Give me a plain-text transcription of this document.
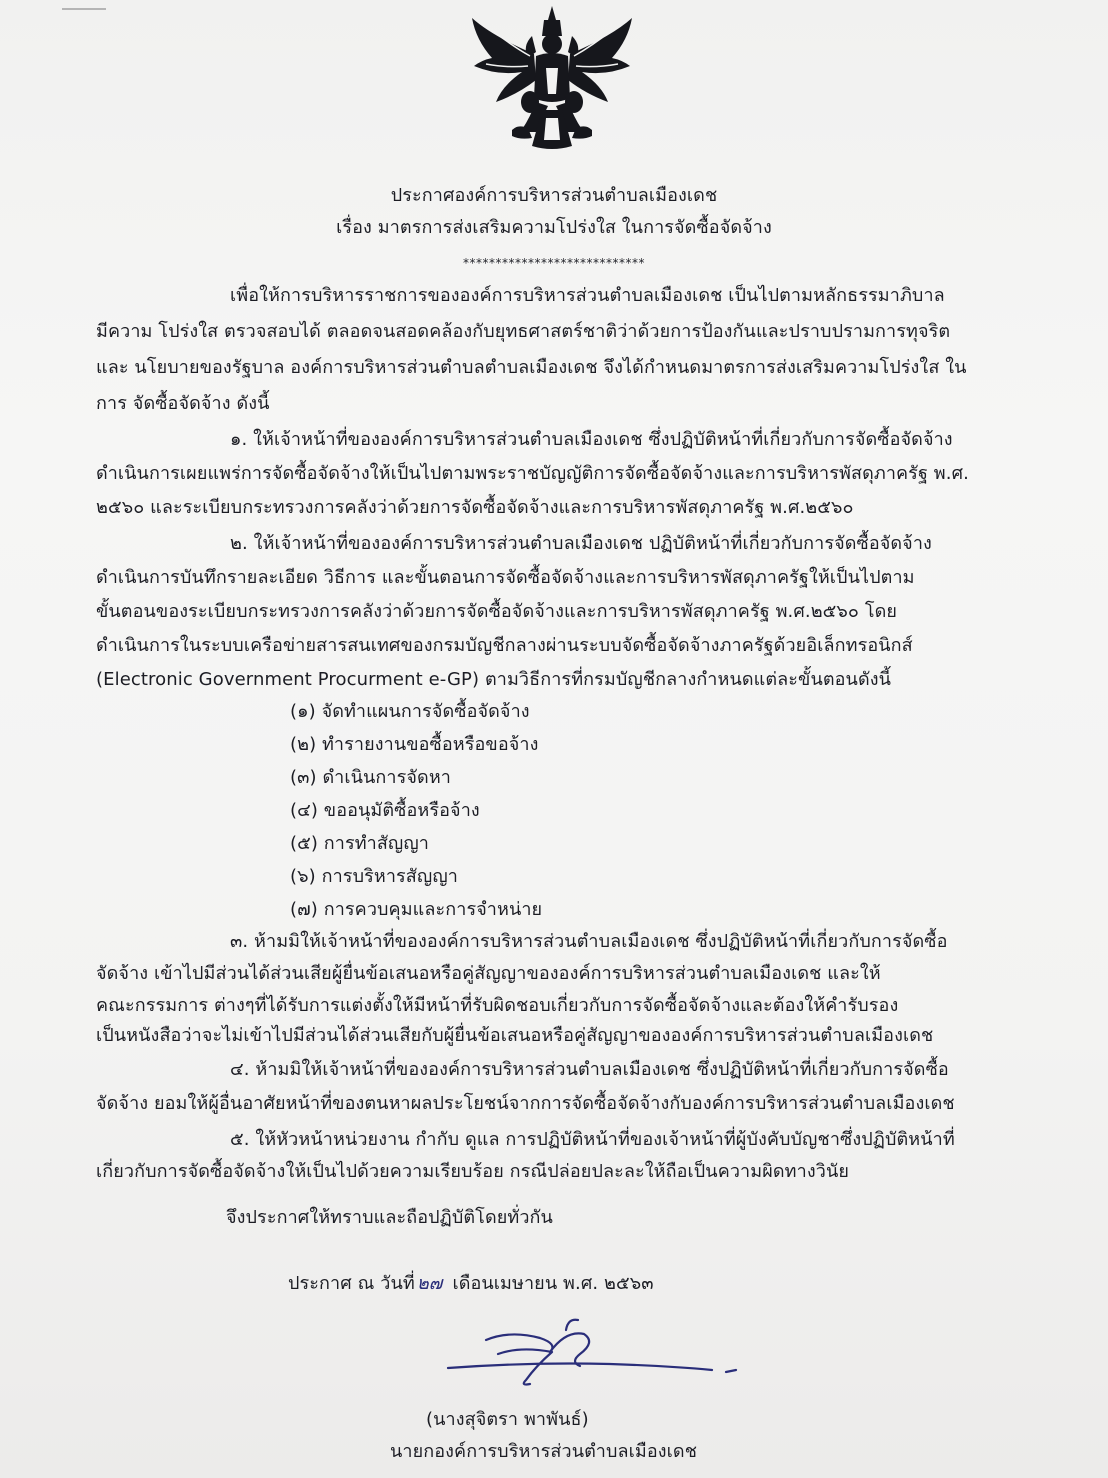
ประกาศองค์การบริหารส่วนตำบลเมืองเดช
เรื่อง มาตรการส่งเสริมความโปร่งใส ในการจัดซื้อจัดจ้าง
****************************
เพื่อให้การบริหารราชการขององค์การบริหารส่วนตำบลเมืองเดช เป็นไปตามหลักธรรมาภิบาล
มีความ โปร่งใส ตรวจสอบได้ ตลอดจนสอดคล้องกับยุทธศาสตร์ชาติว่าด้วยการป้องกันและปราบปรามการทุจริต
และ นโยบายของรัฐบาล องค์การบริหารส่วนตำบลตำบลเมืองเดช จึงได้กำหนดมาตรการส่งเสริมความโปร่งใส ใน
การ จัดซื้อจัดจ้าง ดังนี้
๑. ให้เจ้าหน้าที่ขององค์การบริหารส่วนตำบลเมืองเดช ซึ่งปฏิบัติหน้าที่เกี่ยวกับการจัดซื้อจัดจ้าง
ดำเนินการเผยแพร่การจัดซื้อจัดจ้างให้เป็นไปตามพระราชบัญญัติการจัดซื้อจัดจ้างและการบริหารพัสดุภาครัฐ พ.ศ.
๒๕๖๐ และระเบียบกระทรวงการคลังว่าด้วยการจัดซื้อจัดจ้างและการบริหารพัสดุภาครัฐ พ.ศ.๒๕๖๐
๒. ให้เจ้าหน้าที่ขององค์การบริหารส่วนตำบลเมืองเดช ปฏิบัติหน้าที่เกี่ยวกับการจัดซื้อจัดจ้าง
ดำเนินการบันทึกรายละเอียด วิธีการ และขั้นตอนการจัดซื้อจัดจ้างและการบริหารพัสดุภาครัฐให้เป็นไปตาม
ขั้นตอนของระเบียบกระทรวงการคลังว่าด้วยการจัดซื้อจัดจ้างและการบริหารพัสดุภาครัฐ พ.ศ.๒๕๖๐ โดย
ดำเนินการในระบบเครือข่ายสารสนเทศของกรมบัญชีกลางผ่านระบบจัดซื้อจัดจ้างภาครัฐด้วยอิเล็กทรอนิกส์
(Electronic Government Procurment e-GP) ตามวิธีการที่กรมบัญชีกลางกำหนดแต่ละขั้นตอนดังนี้
(๑) จัดทำแผนการจัดซื้อจัดจ้าง
(๒) ทำรายงานขอซื้อหรือขอจ้าง
(๓) ดำเนินการจัดหา
(๔) ขออนุมัติซื้อหรือจ้าง
(๕) การทำสัญญา
(๖) การบริหารสัญญา
(๗) การควบคุมและการจำหน่าย
๓. ห้ามมิให้เจ้าหน้าที่ขององค์การบริหารส่วนตำบลเมืองเดช ซึ่งปฏิบัติหน้าที่เกี่ยวกับการจัดซื้อ
จัดจ้าง เข้าไปมีส่วนได้ส่วนเสียผู้ยื่นข้อเสนอหรือคู่สัญญาขององค์การบริหารส่วนตำบลเมืองเดช และให้
คณะกรรมการ ต่างๆที่ได้รับการแต่งตั้งให้มีหน้าที่รับผิดชอบเกี่ยวกับการจัดซื้อจัดจ้างและต้องให้คำรับรอง
เป็นหนังสือว่าจะไม่เข้าไปมีส่วนได้ส่วนเสียกับผู้ยื่นข้อเสนอหรือคู่สัญญาขององค์การบริหารส่วนตำบลเมืองเดช
๔. ห้ามมิให้เจ้าหน้าที่ขององค์การบริหารส่วนตำบลเมืองเดช ซึ่งปฏิบัติหน้าที่เกี่ยวกับการจัดซื้อ
จัดจ้าง ยอมให้ผู้อื่นอาศัยหน้าที่ของตนหาผลประโยชน์จากการจัดซื้อจัดจ้างกับองค์การบริหารส่วนตำบลเมืองเดช
๕. ให้หัวหน้าหน่วยงาน กำกับ ดูแล การปฏิบัติหน้าที่ของเจ้าหน้าที่ผู้บังคับบัญชาซึ่งปฏิบัติหน้าที่
เกี่ยวกับการจัดซื้อจัดจ้างให้เป็นไปด้วยความเรียบร้อย กรณีปล่อยปละละให้ถือเป็นความผิดทางวินัย
จึงประกาศให้ทราบและถือปฏิบัติโดยทั่วกัน
ประกาศ ณ วันที่ ๒๗ เดือนเมษายน พ.ศ. ๒๕๖๓
(นางสุจิตรา พาพันธ์)
นายกองค์การบริหารส่วนตำบลเมืองเดช
